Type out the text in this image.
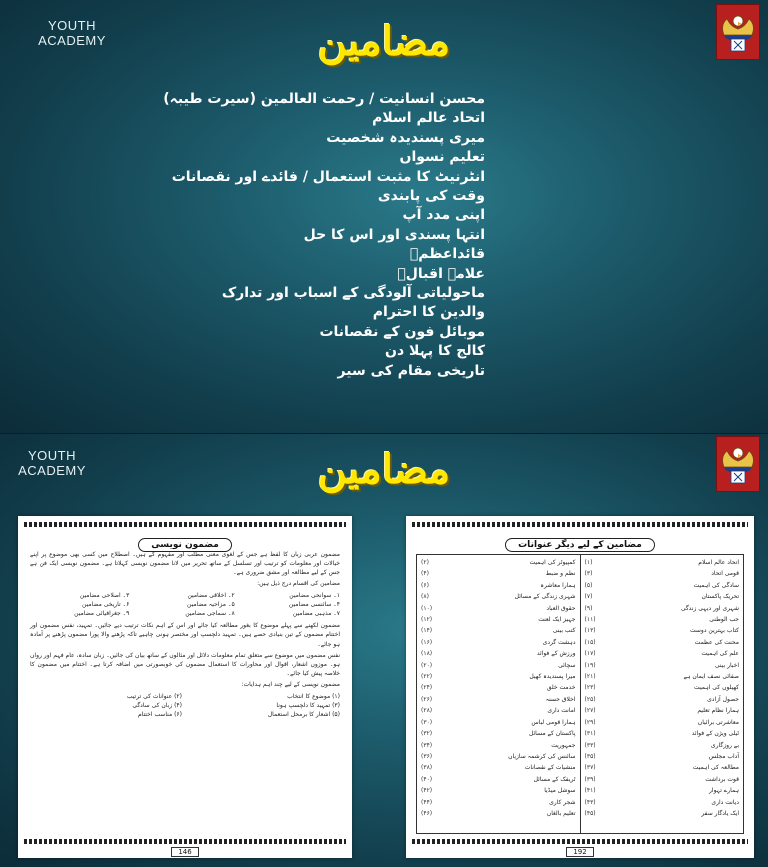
YOUTH
ACADEMY	مضامین
محسن انسانیت / رحمت العالمین (سیرت طیبہ)
اتحاد عالم اسلام
میری پسندیدہ شخصیت
تعلیم نسواں
انٹرنیٹ کا مثبت استعمال / فائدے اور نقصانات
وقت کی پابندی
اپنی مدد آپ
انتہا پسندی اور اس کا حل
قائداعظمؒ
علامہ اقبالؒ
ماحولیاتی آلودگی کے اسباب اور تدارک
والدین کا احترام
موبائل فون کے نقصانات
کالج کا پہلا دن
تاریخی مقام کی سیر
YOUTH
ACADEMY	مضامین
مضمون نویسی

مضمون عربی زبان کا لفظ ہے جس کے لغوی معنی مطلب اور مفہوم کے ہیں۔ اصطلاح میں کسی بھی موضوع پر اپنے خیالات اور معلومات کو ترتیب اور تسلسل کے ساتھ تحریر میں لانا مضمون نویسی کہلاتا ہے۔ مضمون نویسی ایک فن ہے جس کے لیے مطالعہ اور مشق ضروری ہے۔

مضامین کی اقسام درج ذیل ہیں:

۱۔ سوانحی مضامین
۲۔ اخلاقی مضامین
۳۔ اصلاحی مضامین
۴۔ سائنسی مضامین
۵۔ مزاحیہ مضامین
۶۔ تاریخی مضامین
۷۔ مذہبی مضامین
۸۔ سماجی مضامین
۹۔ جغرافیائی مضامین

مضمون لکھنے سے پہلے موضوع کا بغور مطالعہ کیا جائے اور اس کے اہم نکات ترتیب دیے جائیں۔ تمہید، نفس مضمون اور اختتام مضمون کے تین بنیادی حصے ہیں۔ تمہید دلچسپ اور مختصر ہونی چاہیے تاکہ پڑھنے والا پورا مضمون پڑھنے پر آمادہ ہو جائے۔

نفس مضمون میں موضوع سے متعلق تمام معلومات دلائل اور مثالوں کے ساتھ بیان کی جائیں۔ زبان سادہ، عام فہم اور رواں ہو۔ موزوں اشعار، اقوال اور محاورات کا استعمال مضمون کی خوبصورتی میں اضافہ کرتا ہے۔ اختتام میں مضمون کا خلاصہ پیش کیا جائے۔

مضمون نویسی کے لیے چند اہم ہدایات:

(۱) موضوع کا انتخاب
(۲) عنوانات کی ترتیب
(۳) تمہید کا دلچسپ ہونا
(۴) زبان کی سادگی
(۵) اشعار کا برمحل استعمال
(۶) مناسب اختتام
146
مضامین کے لیے دیگر عنوانات
اتحاد عالم اسلام
(۱)
قومی اتحاد
(۳)
سادگی کی اہمیت
(۵)
تحریک پاکستان
(۷)
شہری اور دیہی زندگی
(۹)
حب الوطنی
(۱۱)
کتاب بہترین دوست
(۱۳)
محنت کی عظمت
(۱۵)
علم کی اہمیت
(۱۷)
اخبار بینی
(۱۹)
صفائی نصف ایمان ہے
(۲۱)
کھیلوں کی اہمیت
(۲۳)
حصول آزادی
(۲۵)
ہمارا نظام تعلیم
(۲۷)
معاشرتی برائیاں
(۲۹)
ٹیلی ویژن کے فوائد
(۳۱)
بے روزگاری
(۳۳)
آداب مجلس
(۳۵)
مطالعہ کی اہمیت
(۳۷)
قوت برداشت
(۳۹)
ہمارے تہوار
(۴۱)
دیانت داری
(۴۳)
ایک یادگار سفر
(۴۵)
کمپیوٹر کی اہمیت
(۲)
نظم و ضبط
(۴)
ہمارا معاشرہ
(۶)
شہری زندگی کے مسائل
(۸)
حقوق العباد
(۱۰)
جہیز ایک لعنت
(۱۲)
کتب بینی
(۱۴)
دہشت گردی
(۱۶)
ورزش کے فوائد
(۱۸)
سچائی
(۲۰)
میرا پسندیدہ کھیل
(۲۲)
خدمت خلق
(۲۴)
اخلاق حسنہ
(۲۶)
امانت داری
(۲۸)
ہمارا قومی لباس
(۳۰)
پاکستان کے مسائل
(۳۲)
جمہوریت
(۳۴)
سائنس کی کرشمہ سازیاں
(۳۶)
منشیات کے نقصانات
(۳۸)
ٹریفک کے مسائل
(۴۰)
سوشل میڈیا
(۴۲)
شجر کاری
(۴۴)
تعلیم بالغاں
(۴۶)
192
